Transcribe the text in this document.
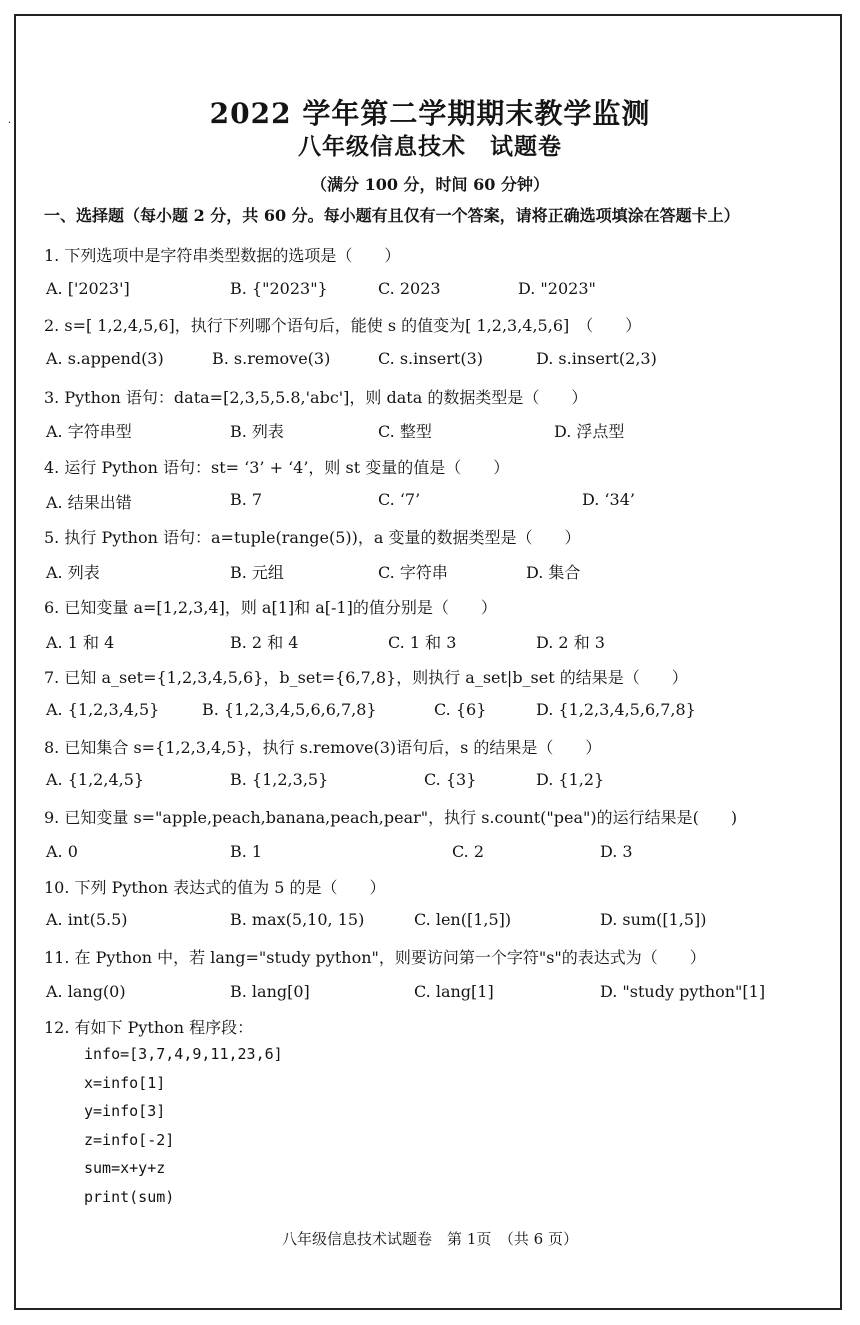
·	2022 学年第二学期期末教学监测
八年级信息技术　试题卷
（满分 100 分，时间 60 分钟）
一、选择题（每小题 2 分，共 60 分。每小题有且仅有一个答案，请将正确选项填涂在答题卡上）
1. 下列选项中是字符串类型数据的选项是（　　）
A. ['2023']	B. {"2023"}	C. 2023	D. "2023"
2. s=[ 1,2,4,5,6]，执行下列哪个语句后，能使 s 的值变为[ 1,2,3,4,5,6]　（　　）
A. s.append(3)	B. s.remove(3)	C. s.insert(3)	D. s.insert(2,3)
3. Python 语句：data=[2,3,5,5.8,'abc']，则 data 的数据类型是（　　）
A. 字符串型	B. 列表	C. 整型	D. 浮点型
4. 运行 Python 语句：st= ‘3’ + ‘4’，则 st 变量的值是（　　）
A. 结果出错	B. 7	C. ‘7’	D. ‘34’
5. 执行 Python 语句：a=tuple(range(5))，a 变量的数据类型是（　　）
A. 列表	B. 元组	C. 字符串	D. 集合
6. 已知变量 a=[1,2,3,4]，则 a[1]和 a[-1]的值分别是（　　）
A. 1 和 4	B. 2 和 4	C. 1 和 3	D. 2 和 3
7. 已知 a_set={1,2,3,4,5,6}，b_set={6,7,8}，则执行 a_set|b_set 的结果是（　　）
A. {1,2,3,4,5}	B. {1,2,3,4,5,6,6,7,8}	C. {6}	D. {1,2,3,4,5,6,7,8}
8. 已知集合 s={1,2,3,4,5}，执行 s.remove(3)语句后，s 的结果是（　　）
A. {1,2,4,5}	B. {1,2,3,5}	C. {3}	D. {1,2}
9. 已知变量 s="apple,peach,banana,peach,pear"，执行 s.count("pea")的运行结果是(　　)
A. 0	B. 1	C. 2	D. 3
10. 下列 Python 表达式的值为 5 的是（　　）
A. int(5.5)	B. max(5,10, 15)	C. len([1,5])	D. sum([1,5])
11. 在 Python 中，若 lang="study python"，则要访问第一个字符"s"的表达式为（　　）
A. lang(0)	B. lang[0]	C. lang[1]	D. "study python"[1]
12. 有如下 Python 程序段：
info=[3,7,4,9,11,23,6]
x=info[1]
y=info[3]
z=info[-2]
sum=x+y+z
print(sum)
八年级信息技术试题卷　第 1页　（共 6 页）
